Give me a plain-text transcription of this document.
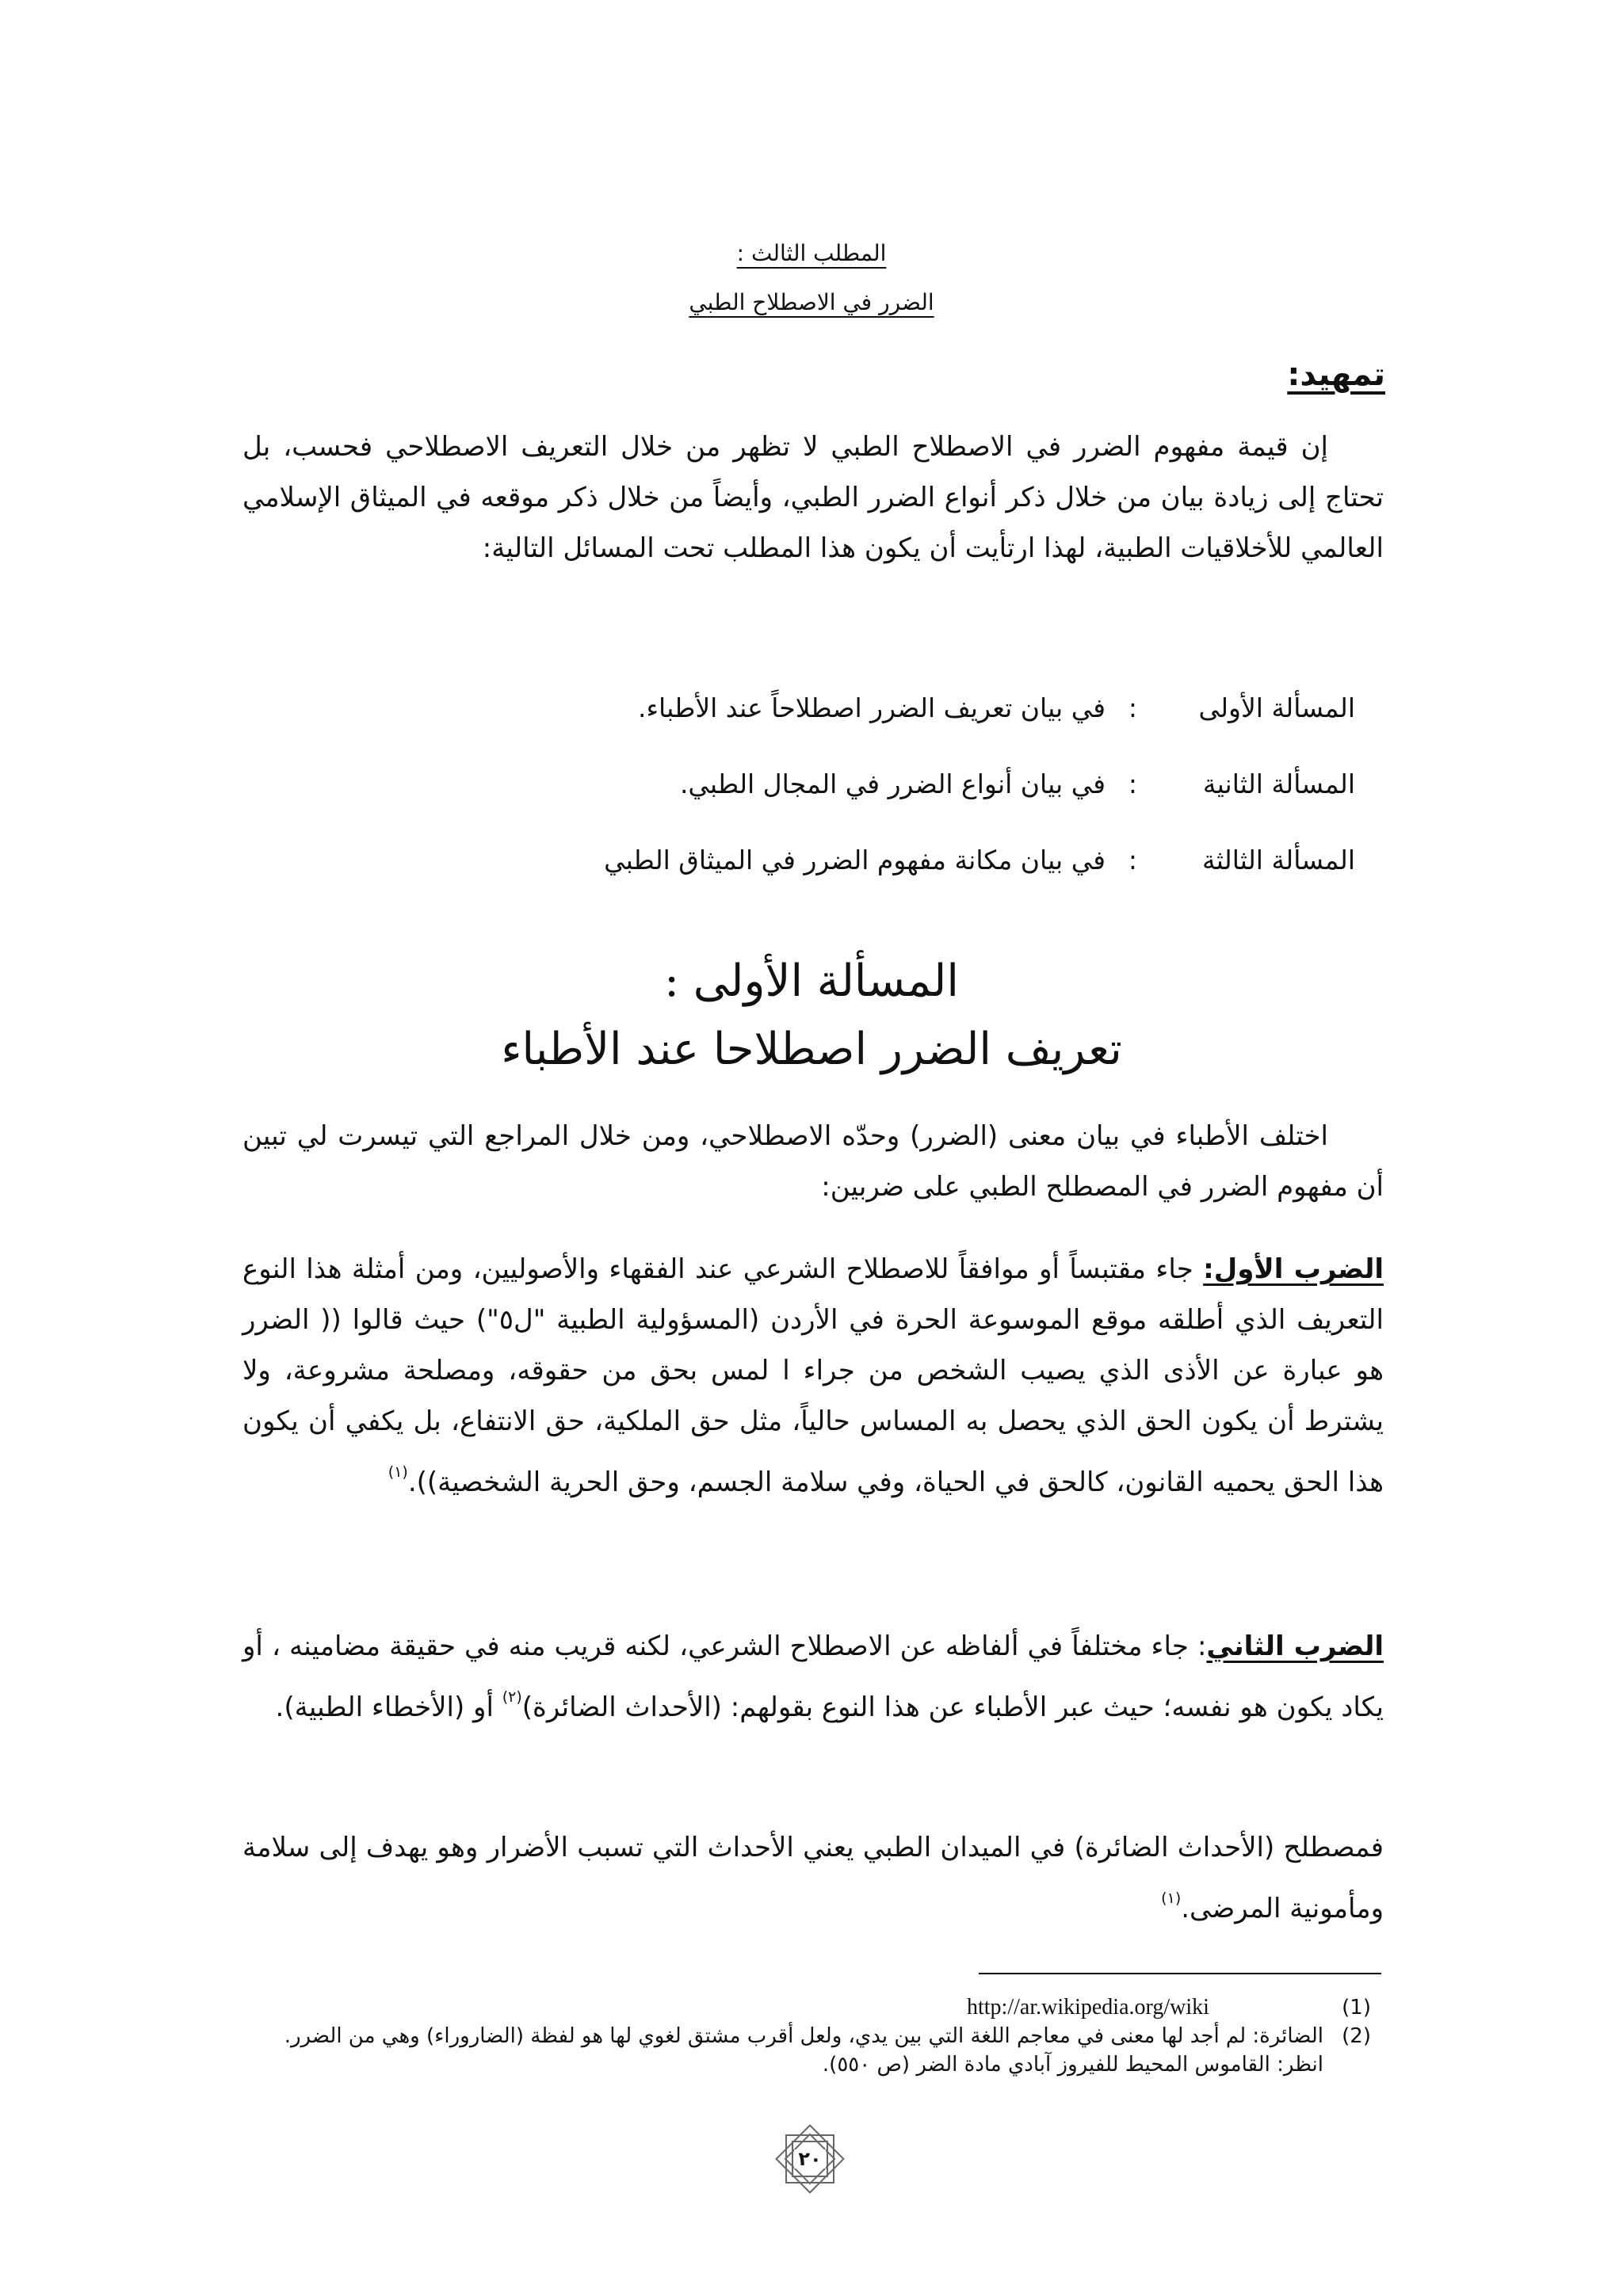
المطلب الثالث :
الضرر في الاصطلاح الطبي
تمهيد:
إن قيمة مفهوم الضرر في الاصطلاح الطبي لا تظهر من خلال التعريف الاصطلاحي فحسب، بل تحتاج إلى زيادة بيان من خلال ذكر أنواع الضرر الطبي، وأيضاً من خلال ذكر موقعه في الميثاق الإسلامي العالمي للأخلاقيات الطبية، لهذا ارتأيت أن يكون هذا المطلب تحت المسائل التالية:
المسألة الأولى
:
في بيان تعريف الضرر اصطلاحاً عند الأطباء.
المسألة الثانية
:
في بيان أنواع الضرر في المجال الطبي.
المسألة الثالثة
:
في بيان مكانة مفهوم الضرر في الميثاق الطبي
المسألة الأولى :
تعريف الضرر اصطلاحا عند الأطباء
اختلف الأطباء في بيان معنى (الضرر) وحدّه الاصطلاحي، ومن خلال المراجع التي تيسرت لي تبين أن مفهوم الضرر في المصطلح الطبي على ضربين:
الضرب الأول: جاء مقتبساً أو موافقاً للاصطلاح الشرعي عند الفقهاء والأصوليين، ومن أمثلة هذا النوع التعريف الذي أطلقه موقع الموسوعة الحرة في الأردن (المسؤولية الطبية "ل٥") حيث قالوا (( الضرر هو عبارة عن الأذى الذي يصيب الشخص من جراء ا لمس بحق من حقوقه، ومصلحة مشروعة، ولا يشترط أن يكون الحق الذي يحصل به المساس حالياً، مثل حق الملكية، حق الانتفاع، بل يكفي أن يكون هذا الحق يحميه القانون، كالحق في الحياة، وفي سلامة الجسم، وحق الحرية الشخصية)).$^{(١)}$
الضرب الثاني: جاء مختلفاً في ألفاظه عن الاصطلاح الشرعي، لكنه قريب منه في حقيقة مضامينه ، أو يكاد يكون هو نفسه؛ حيث عبر الأطباء عن هذا النوع بقولهم: (الأحداث الضائرة)$^{(٢)}$ أو (الأخطاء الطبية).
فمصطلح (الأحداث الضائرة) في الميدان الطبي يعني الأحداث التي تسبب الأضرار وهو يهدف إلى سلامة ومأمونية المرضى.$^{(١)}$
(1)
http://ar.wikipedia.org/wiki
(2)
الضائرة: لم أجد لها معنى في معاجم اللغة التي بين يدي، ولعل أقرب مشتق لغوي لها هو لفظة (الضاروراء) وهي من الضرر. انظر: القاموس المحيط للفيروز آبادي مادة الضر (ص ٥٥٠).
٢٠
